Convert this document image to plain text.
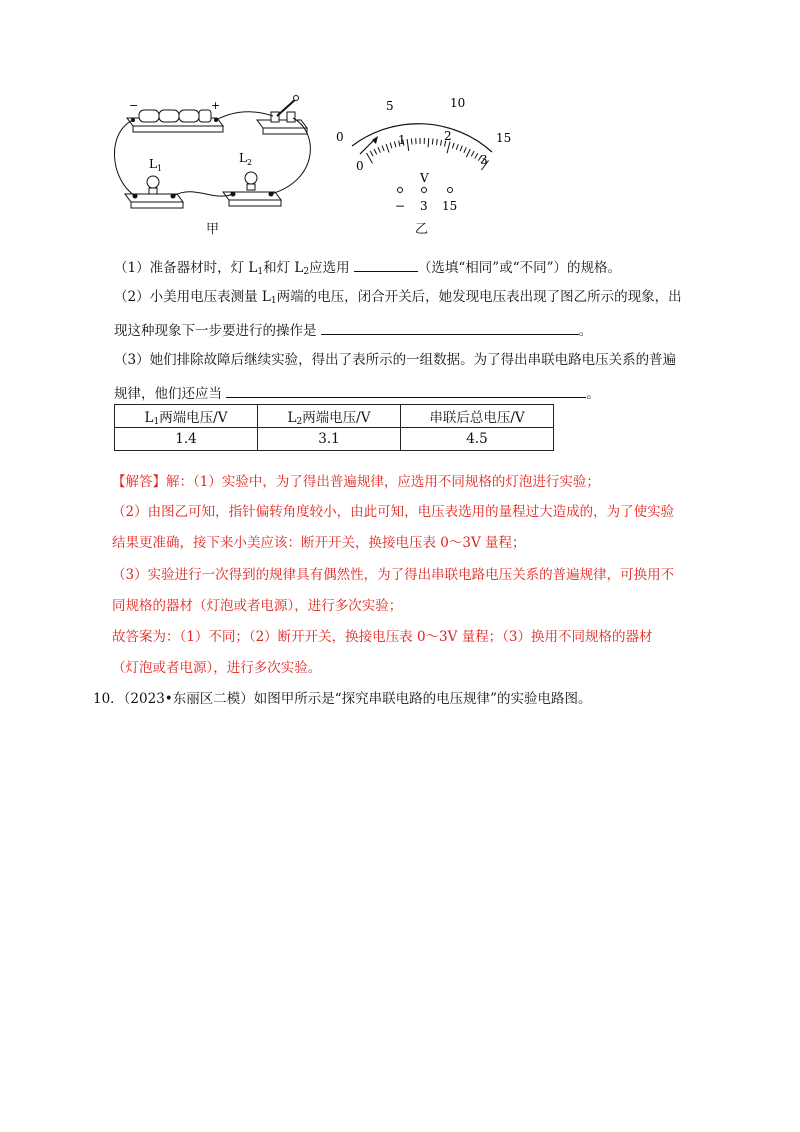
−	+
$L_1$
$L_2$
甲
0
5	10
15
0
1	2
3
V
− 3 15
乙
（1）准备器材时，灯 $L_1$和灯 $L_2$应选用	（选填“相同”或“不同”）的规格。
（2）小美用电压表测量 $L_1$两端的电压，闭合开关后，她发现电压表出现了图乙所示的现象，出
现这种现象下一步要进行的操作是	。
（3）她们排除故障后继续实验，得出了表所示的一组数据。为了得出串联电路电压关系的普遍
规律，他们还应当	。
$L_1$两端电压/V	$L_2$两端电压/V	串联后总电压/V
1.4	3.1	4.5
【解答】解：（1）实验中，为了得出普遍规律，应选用不同规格的灯泡进行实验；
（2）由图乙可知，指针偏转角度较小，由此可知，电压表选用的量程过大造成的，为了使实验
结果更准确，接下来小美应该：断开开关，换接电压表 0～3V 量程；
（3）实验进行一次得到的规律具有偶然性，为了得出串联电路电压关系的普遍规律，可换用不
同规格的器材（灯泡或者电源），进行多次实验；
故答案为：（1）不同；（2）断开开关，换接电压表 0～3V 量程；（3）换用不同规格的器材
（灯泡或者电源），进行多次实验。
10．（2023•东丽区二模）如图甲所示是“探究串联电路的电压规律”的实验电路图。
